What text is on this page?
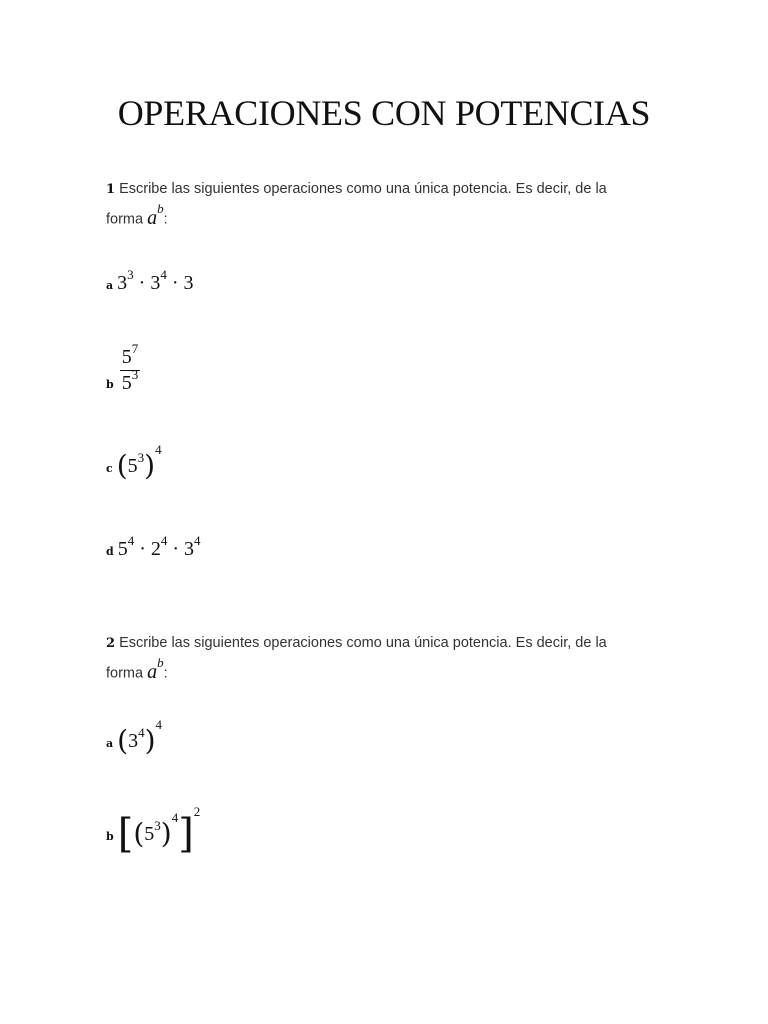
OPERACIONES CON POTENCIAS
1 Escribe las siguientes operaciones como una única potencia. Es decir, de la forma $a^b$:
a $3^3 \cdot 3^4 \cdot 3$
$_b \frac{5^7}{5^3}$
c $(5^3)^4$
d $5^4 \cdot 2^4 \cdot 3^4$
2 Escribe las siguientes operaciones como una única potencia. Es decir, de la forma $a^b$:
a $(3^4)^4$
b $[(5^3)^4]^2$
